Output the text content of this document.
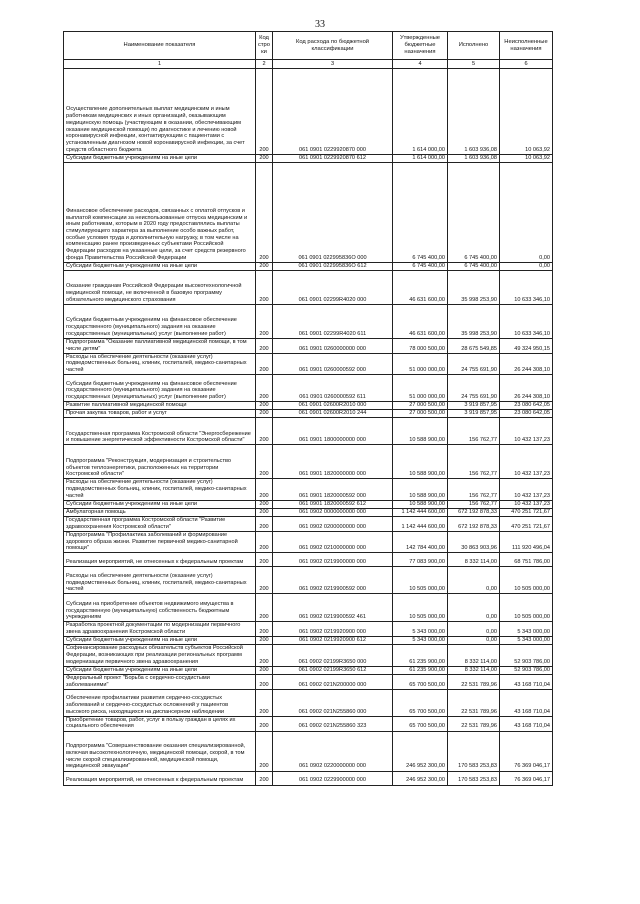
33
Наименование показателя	Код строки	Код расхода по бюджетной классификации	Утвержденные бюджетные назначения	Исполнено	Неисполненные назначения
1	2	3	4	5	6
Осуществление дополнительных выплат медицинским и иным работникам медицинских и иных организаций, оказывающим медицинскую помощь (участвующим в оказании, обеспечивающим оказание медицинской помощи) по диагностике и лечению новой коронавирусной инфекции, контактирующим с пациентами с установленным диагнозом новой коронавирусной инфекции, за счет средств областного бюджета	200	061 0901 0229920870 000	1 614 000,00	1 603 936,08	10 063,92
Субсидии бюджетным учреждениям на иные цели	200	061 0901 0229920870 612	1 614 000,00	1 603 936,08	10 063,92
Финансовое обеспечение расходов, связанных с оплатой отпусков и выплатой компенсации за неиспользованные отпуска медицинским и иным работникам, которым в 2020 году предоставлялись выплаты стимулирующего характера за выполнение особо важных работ, особые условия труда и дополнительную нагрузку, в том числе на компенсацию ранее произведенных субъектами Российской Федерации расходов на указанные цели, за счет средств резервного фонда Правительства Российской Федерации	200	061 0901 022995836О 000	6 745 400,00	6 745 400,00	0,00
Субсидии бюджетным учреждениям на иные цели	200	061 0901 022995836О 612	6 745 400,00	6 745 400,00	0,00
Оказание гражданам Российской Федерации высокотехнологичной медицинской помощи, не включенной в базовую программу обязательного медицинского страхования	200	061 0901 02299R4020 000	46 631 600,00	35 998 253,90	10 633 346,10
Субсидии бюджетным учреждениям на финансовое обеспечение государственного (муниципального) задания на оказание государственных (муниципальных) услуг (выполнение работ)	200	061 0901 02299R4020 611	46 631 600,00	35 998 253,90	10 633 346,10
Подпрограмма "Оказание паллиативной медицинской помощи, в том числе детям"	200	061 0901 0260000000 000	78 000 500,00	28 675 549,85	49 324 950,15
Расходы на обеспечение деятельности (оказание услуг) подведомственных больниц, клиник, госпиталей, медико-санитарных частей	200	061 0901 0260000592 000	51 000 000,00	24 755 691,90	26 244 308,10
Субсидии бюджетным учреждениям на финансовое обеспечение государственного (муниципального) задания на оказание государственных (муниципальных) услуг (выполнение работ)	200	061 0901 0260000592 611	51 000 000,00	24 755 691,90	26 244 308,10
Развитие паллиативной медицинской помощи	200	061 0901 02600R2010 000	27 000 500,00	3 919 857,95	23 080 642,05
Прочая закупка товаров, работ и услуг	200	061 0901 02600R2010 244	27 000 500,00	3 919 857,95	23 080 642,05
Государственная программа Костромской области "Энергосбережение и повышение энергетической эффективности Костромской области"	200	061 0901 1800000000 000	10 588 900,00	156 762,77	10 432 137,23
Подпрограмма "Реконструкция, модернизация и строительство объектов теплоэнергетики, расположенных на территории Костромской области"	200	061 0901 1820000000 000	10 588 900,00	156 762,77	10 432 137,23
Расходы на обеспечение деятельности (оказание услуг) подведомственных больниц, клиник, госпиталей, медико-санитарных частей	200	061 0901 1820000592 000	10 588 900,00	156 762,77	10 432 137,23
Субсидии бюджетным учреждениям на иные цели	200	061 0901 1820000592 612	10 588 900,00	156 762,77	10 432 137,23
Амбулаторная помощь	200	061 0902 0000000000 000	1 142 444 600,00	672 192 878,33	470 251 721,67
Государственная программа Костромской области "Развитие здравоохранения Костромской области"	200	061 0902 0200000000 000	1 142 444 600,00	672 192 878,33	470 251 721,67
Подпрограмма "Профилактика заболеваний и формирование здорового образа жизни. Развитие первичной медико-санитарной помощи"	200	061 0902 0210000000 000	142 784 400,00	30 863 903,96	111 920 496,04
Реализация мероприятий, не отнесенных к федеральным проектам	200	061 0902 0219900000 000	77 083 900,00	8 332 114,00	68 751 786,00
Расходы на обеспечение деятельности (оказание услуг) подведомственных больниц, клиник, госпиталей, медико-санитарных частей	200	061 0902 0219900592 000	10 505 000,00	0,00	10 505 000,00
Субсидии на приобретение объектов недвижимого имущества в государственную (муниципальную) собственность бюджетным учреждениям	200	061 0902 0219900592 461	10 505 000,00	0,00	10 505 000,00
Разработка проектной документации по модернизации первичного звена здравоохранения Костромской области	200	061 0902 0219920900 000	5 343 000,00	0,00	5 343 000,00
Субсидии бюджетным учреждениям на иные цели	200	061 0902 0219920900 612	5 343 000,00	0,00	5 343 000,00
Софинансирование расходных обязательств субъектов Российской Федерации, возникающих при реализации региональных программ модернизации первичного звена здравоохранения	200	061 0902 02199R3650 000	61 235 900,00	8 332 114,00	52 903 786,00
Субсидии бюджетным учреждениям на иные цели	200	061 0902 02199R3650 612	61 235 900,00	8 332 114,00	52 903 786,00
Федеральный проект "Борьба с сердечно-сосудистыми заболеваниями"	200	061 0902 021N200000 000	65 700 500,00	22 531 789,96	43 168 710,04
Обеспечение профилактики развития сердечно-сосудистых заболеваний и сердечно-сосудистых осложнений у пациентов высокого риска, находящихся на диспансерном наблюдении	200	061 0902 021N255860 000	65 700 500,00	22 531 789,96	43 168 710,04
Приобретение товаров, работ, услуг в пользу граждан в целях их социального обеспечения	200	061 0902 021N255860 323	65 700 500,00	22 531 789,96	43 168 710,04
Подпрограмма "Совершенствование оказания специализированной, включая высокотехнологичную, медицинской помощи, скорой, в том числе скорой специализированной, медицинской помощи, медицинской эвакуации"	200	061 0902 0220000000 000	246 952 300,00	170 583 253,83	76 369 046,17
Реализация мероприятий, не отнесенных к федеральным проектам	200	061 0902 0229900000 000	246 952 300,00	170 583 253,83	76 369 046,17
